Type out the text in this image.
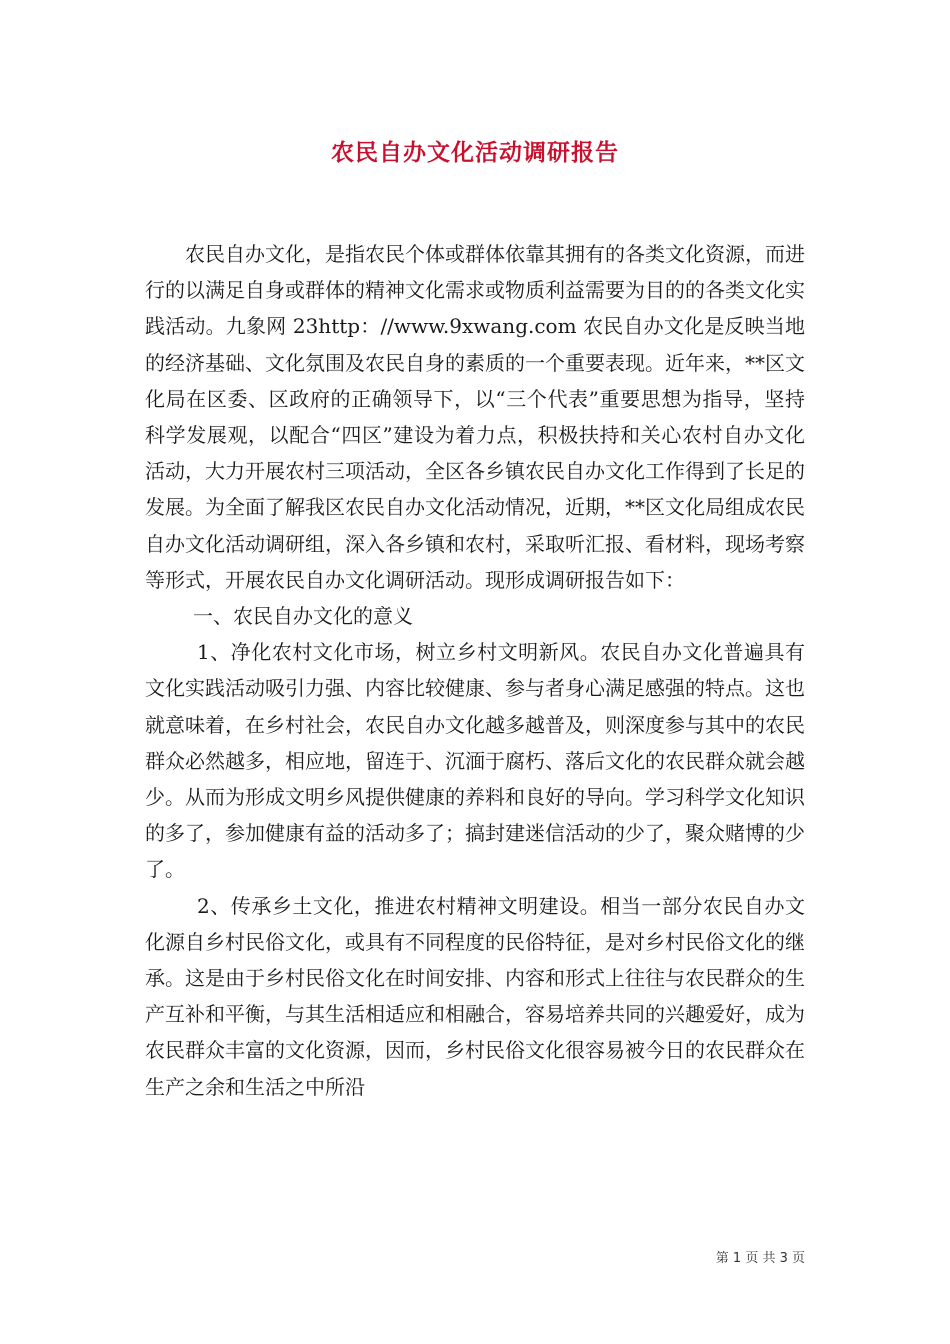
农民自办文化活动调研报告

农民自办文化，是指农民个体或群体依靠其拥有的各类文化资源，而进行的以满足自身或群体的精神文化需求或物质利益需要为目的的各类文化实践活动。九象网 23http：//www.9xwang.com 农民自办文化是反映当地的经济基础、文化氛围及农民自身的素质的一个重要表现。近年来，**区文化局在区委、区政府的正确领导下，以“三个代表”重要思想为指导，坚持科学发展观，以配合“四区”建设为着力点，积极扶持和关心农村自办文化活动，大力开展农村三项活动，全区各乡镇农民自办文化工作得到了长足的发展。为全面了解我区农民自办文化活动情况，近期，**区文化局组成农民自办文化活动调研组，深入各乡镇和农村，采取听汇报、看材料，现场考察等形式，开展农民自办文化调研活动。现形成调研报告如下：

一、农民自办文化的意义

1、净化农村文化市场，树立乡村文明新风。农民自办文化普遍具有文化实践活动吸引力强、内容比较健康、参与者身心满足感强的特点。这也就意味着，在乡村社会，农民自办文化越多越普及，则深度参与其中的农民群众必然越多，相应地，留连于、沉湎于腐朽、落后文化的农民群众就会越少。从而为形成文明乡风提供健康的养料和良好的导向。学习科学文化知识的多了，参加健康有益的活动多了；搞封建迷信活动的少了，聚众赌博的少了。

2、传承乡土文化，推进农村精神文明建设。相当一部分农民自办文化源自乡村民俗文化，或具有不同程度的民俗特征，是对乡村民俗文化的继承。这是由于乡村民俗文化在时间安排、内容和形式上往往与农民群众的生产互补和平衡，与其生活相适应和相融合，容易培养共同的兴趣爱好，成为农民群众丰富的文化资源，因而，乡村民俗文化很容易被今日的农民群众在生产之余和生活之中所沿

第 1 页 共 3 页
